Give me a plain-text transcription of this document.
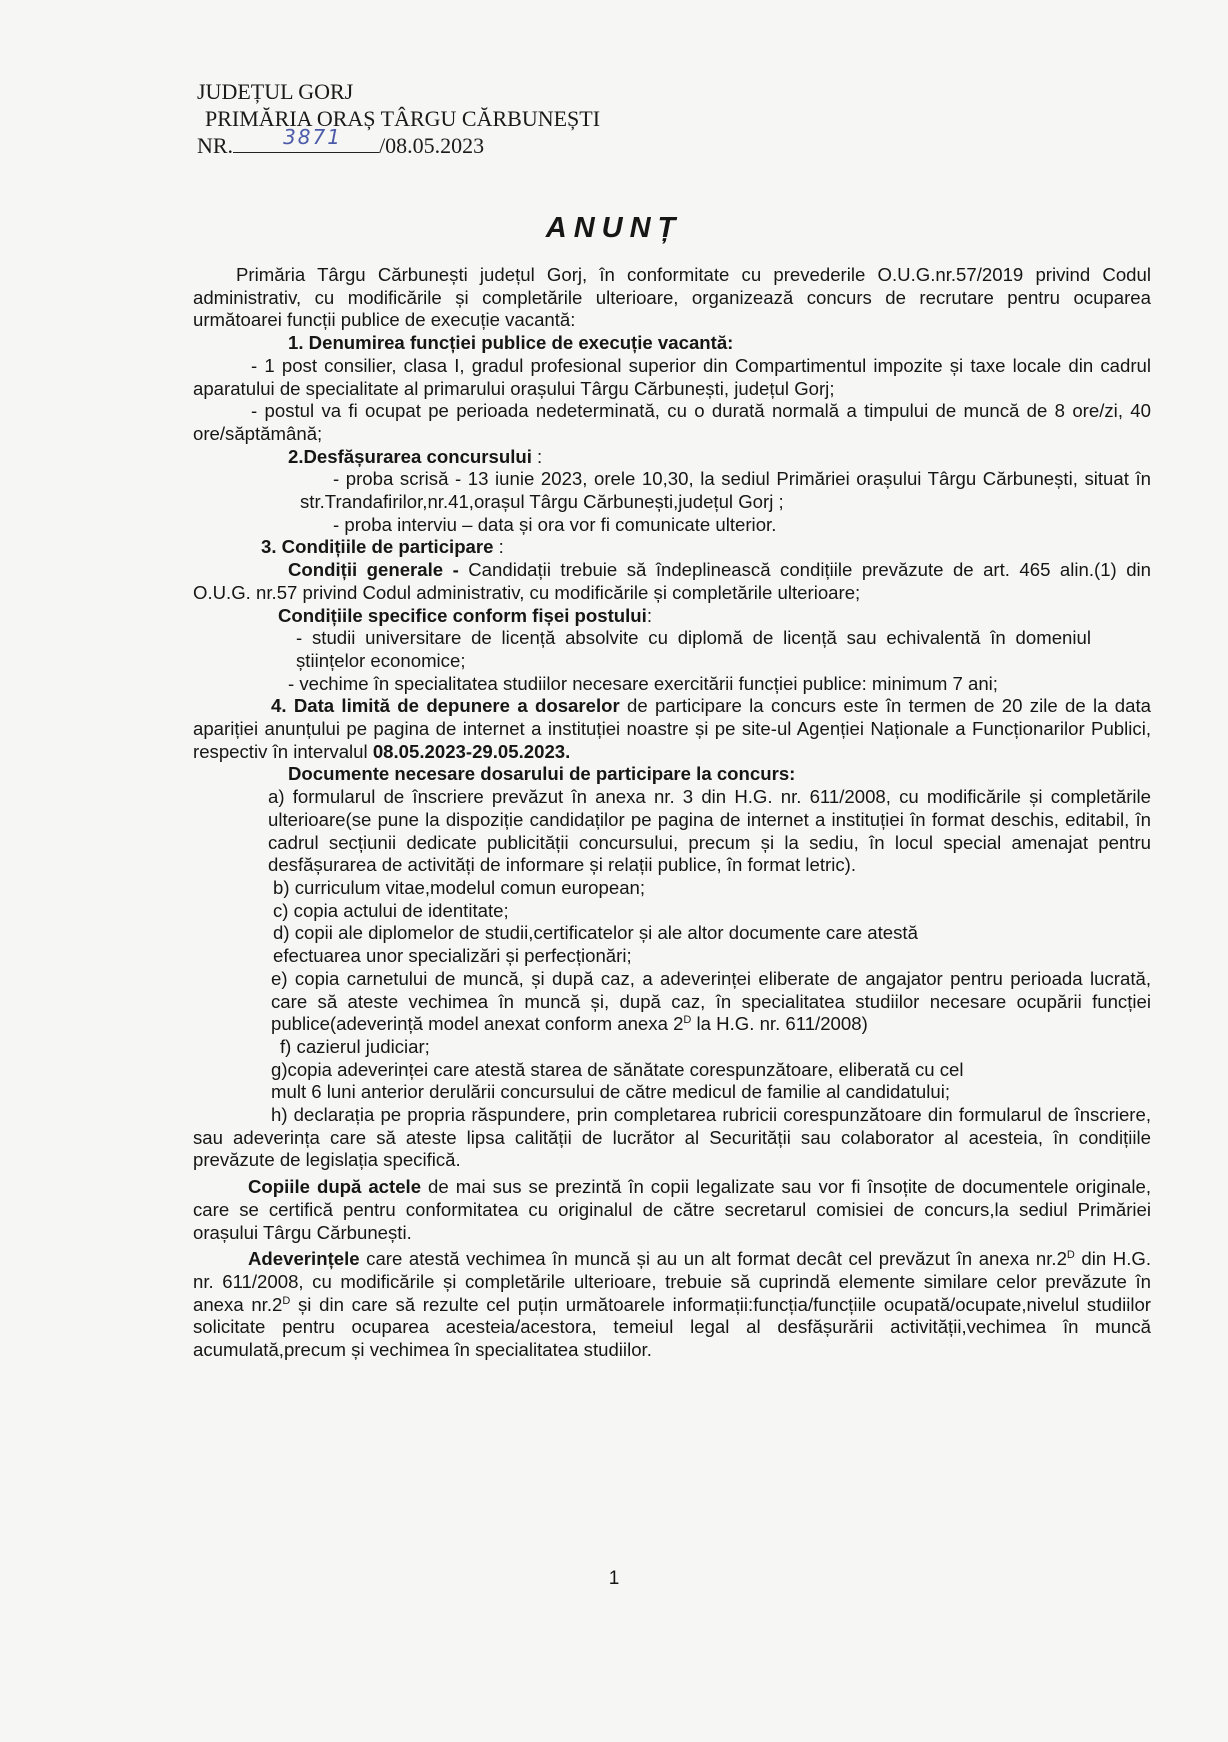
JUDEȚUL GORJ
PRIMĂRIA ORAȘ TÂRGU CĂRBUNEȘTI
NR.	3871 /08.05.2023
ANUNȚ

Primăria Târgu Cărbunești județul Gorj, în conformitate cu prevederile O.U.G.nr.57/2019 privind Codul administrativ, cu modificările și completările ulterioare, organizează concurs de recrutare pentru ocuparea următoarei funcții publice de execuție vacantă:

1. Denumirea funcției publice de execuție vacantă:

- 1 post consilier, clasa I, gradul profesional superior din Compartimentul impozite și taxe locale din cadrul aparatului de specialitate al primarului orașului Târgu Cărbunești, județul Gorj;

- postul va fi ocupat pe perioada nedeterminată, cu o durată normală a timpului de muncă de 8 ore/zi, 40 ore/săptămână;

2.Desfășurarea concursului :

- proba scrisă - 13 iunie 2023, orele 10,30, la sediul Primăriei orașului Târgu Cărbunești, situat în str.Trandafirilor,nr.41,orașul Târgu Cărbunești,județul Gorj ;

- proba interviu – data și ora vor fi comunicate ulterior.

3. Condițiile de participare :

Condiții generale - Candidații trebuie să îndeplinească condițiile prevăzute de art. 465 alin.(1) din O.U.G. nr.57 privind Codul administrativ, cu modificările și completările ulterioare;

Condițiile specifice conform fișei postului:

- studii universitare de licență absolvite cu diplomă de licență sau echivalentă în domeniul științelor economice;

- vechime în specialitatea studiilor necesare exercitării funcției publice: minimum 7 ani;

4. Data limită de depunere a dosarelor de participare la concurs este în termen de 20 zile de la data apariției anunțului pe pagina de internet a instituției noastre și pe site-ul Agenției Naționale a Funcționarilor Publici, respectiv în intervalul 08.05.2023-29.05.2023.

Documente necesare dosarului de participare la concurs:

a) formularul de înscriere prevăzut în anexa nr. 3 din H.G. nr. 611/2008, cu modificările și completările ulterioare(se pune la dispoziție candidaților pe pagina de internet a instituției în format deschis, editabil, în cadrul secțiunii dedicate publicității concursului, precum și la sediu, în locul special amenajat pentru desfășurarea de activități de informare și relații publice, în format letric).

b) curriculum vitae,modelul comun european;

c) copia actului de identitate;

d) copii ale diplomelor de studii,certificatelor și ale altor documente care atestă efectuarea unor specializări și perfecționări;

e) copia carnetului de muncă, și după caz, a adeverinței eliberate de angajator pentru perioada lucrată, care să ateste vechimea în muncă și, după caz, în specialitatea studiilor necesare ocupării funcției publice(adeverință model anexat conform anexa $2^D$ la H.G. nr. 611/2008)

f) cazierul judiciar;

g)copia adeverinței care atestă starea de sănătate corespunzătoare, eliberată cu cel mult 6 luni anterior derulării concursului de către medicul de familie al candidatului;

h) declarația pe propria răspundere, prin completarea rubricii corespunzătoare din formularul de înscriere, sau adeverința care să ateste lipsa calității de lucrător al Securității sau colaborator al acesteia, în condițiile prevăzute de legislația specifică.

Copiile după actele de mai sus se prezintă în copii legalizate sau vor fi însoțite de documentele originale, care se certifică pentru conformitatea cu originalul de către secretarul comisiei de concurs,la sediul Primăriei orașului Târgu Cărbunești.

Adeverințele care atestă vechimea în muncă și au un alt format decât cel prevăzut în anexa $nr.2^D$ din H.G. nr. 611/2008, cu modificările și completările ulterioare, trebuie să cuprindă elemente similare celor prevăzute în anexa $nr.2^D$ și din care să rezulte cel puțin următoarele informații:funcția/funcțiile ocupată/ocupate,nivelul studiilor solicitate pentru ocuparea acesteia/acestora, temeiul legal al desfășurării activității,vechimea în muncă acumulată,precum și vechimea în specialitatea studiilor.

1
